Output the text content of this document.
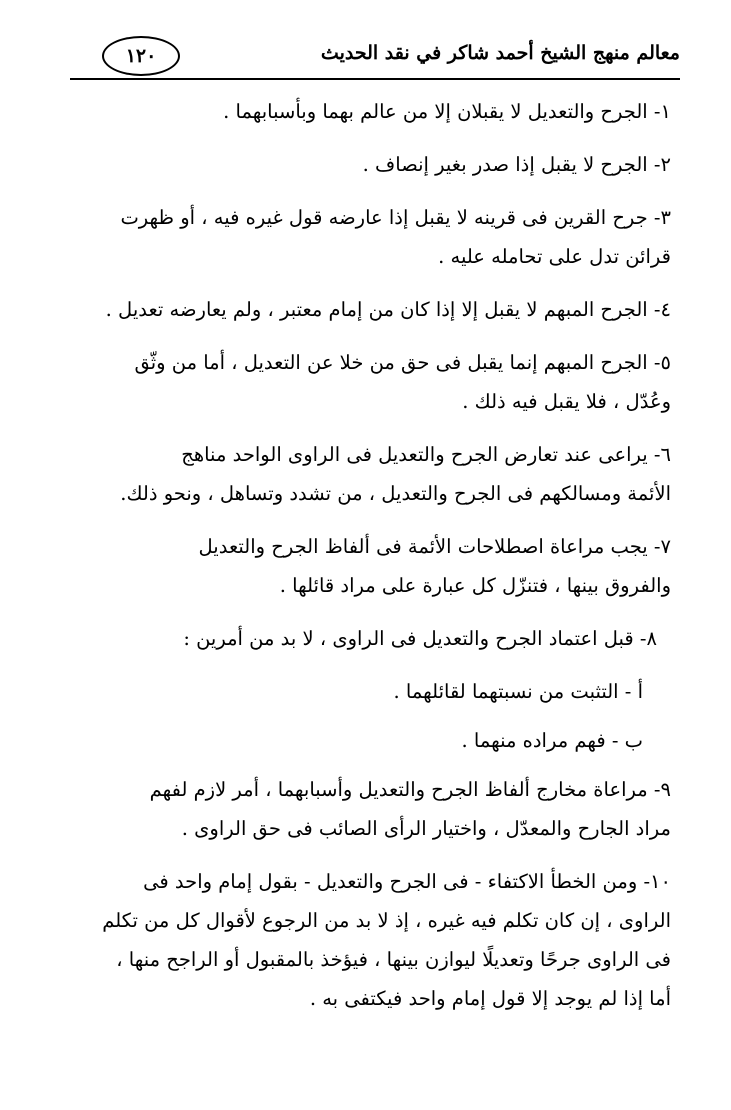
معالم منهج الشيخ أحمد شاكر في نقد الحديث
١٢٠

١- الجرح والتعديل لا يقبلان إلا من عالم بهما وبأسبابهما .

٢- الجرح لا يقبل إذا صدر بغير إنصاف .

٣- جرح القرين فى قرينه لا يقبل إذا عارضه قول غيره فيه ، أو ظهرت
قرائن تدل على تحامله عليه .

٤- الجرح المبهم لا يقبل إلا إذا كان من إمام معتبر ، ولم يعارضه تعديل .

٥- الجرح المبهم إنما يقبل فى حق من خلا عن التعديل ، أما من وثّق
وعُدّل ، فلا يقبل فيه ذلك .

٦- يراعى عند تعارض الجرح والتعديل فى الراوى الواحد مناهج
الأئمة ومسالكهم فى الجرح والتعديل ، من تشدد وتساهل ، ونحو ذلك.

٧- يجب مراعاة اصطلاحات الأئمة فى ألفاظ الجرح والتعديل
والفروق بينها ، فتنزّل كل عبارة على مراد قائلها .

٨- قبل اعتماد الجرح والتعديل فى الراوى ، لا بد من أمرين :

أ - التثبت من نسبتهما لقائلهما .

ب - فهم مراده منهما .

٩- مراعاة مخارج ألفاظ الجرح والتعديل وأسبابهما ، أمر لازم لفهم
مراد الجارح والمعدّل ، واختيار الرأى الصائب فى حق الراوى .

١٠- ومن الخطأ الاكتفاء - فى الجرح والتعديل - بقول إمام واحد فى
الراوى ، إن كان تكلم فيه غيره ، إذ لا بد من الرجوع لأقوال كل من تكلم
فى الراوى جرحًا وتعديلًا ليوازن بينها ، فيؤخذ بالمقبول أو الراجح منها ،
أما إذا لم يوجد إلا قول إمام واحد فيكتفى به .
